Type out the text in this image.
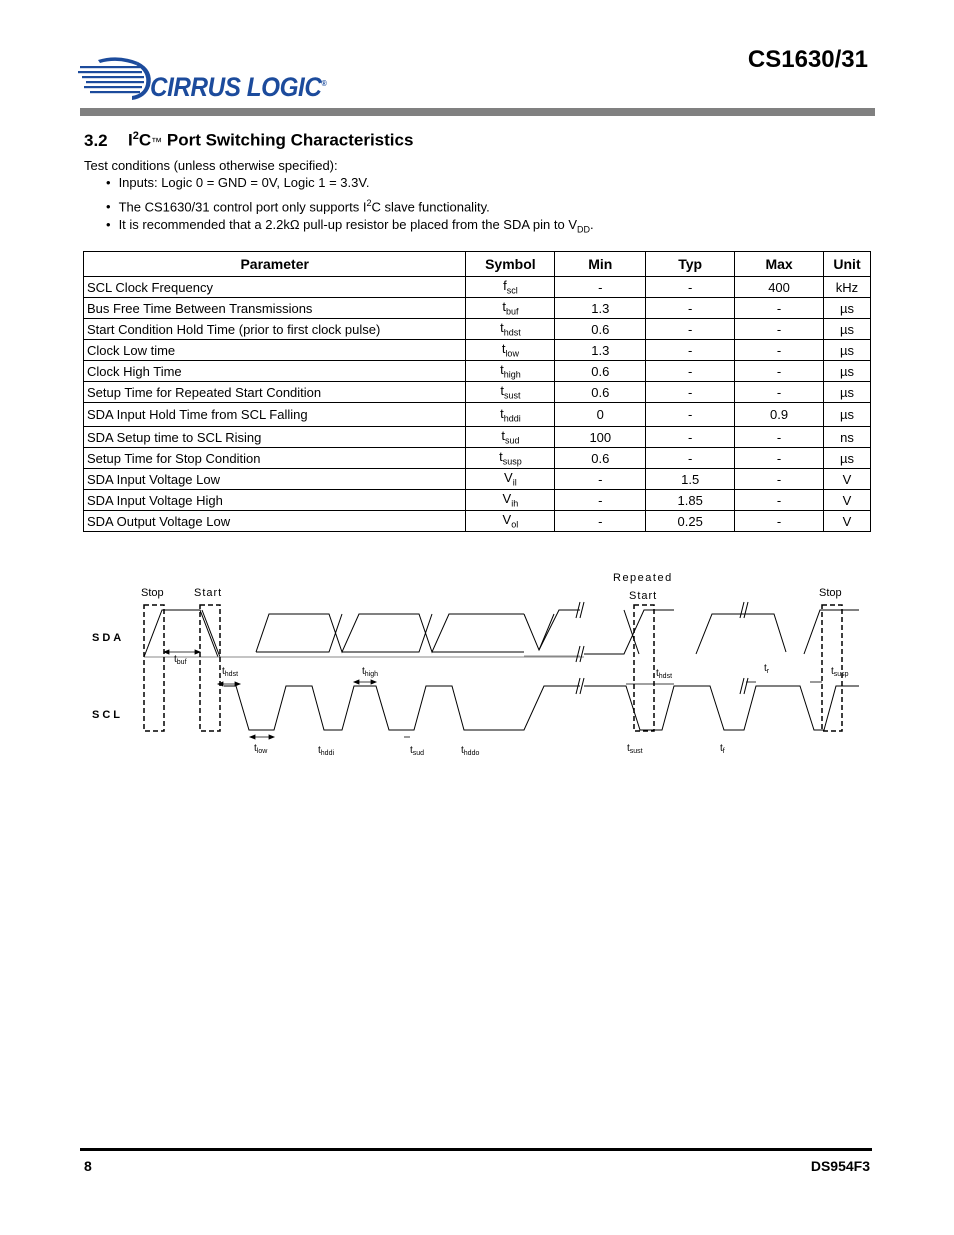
CIRRUS LOGIC®
CS1630/31
3.2 $I^2C™$ Port Switching Characteristics
Test conditions (unless otherwise specified):
• Inputs: Logic 0 = GND = 0V, Logic 1 = 3.3V.
• The CS1630/31 control port only supports $I^2C$ slave functionality.
• It is recommended that a 2.2kΩ pull-up resistor be placed from the SDA pin to $V_{DD}$.
Parameter	Symbol	Min	Typ	Max	Unit
SCL Clock Frequency	$f_{scl}$	-	-	400	kHz
Bus Free Time Between Transmissions	$t_{buf}$	1.3	-	-	µs
Start Condition Hold Time (prior to first clock pulse)	$t_{hdst}$	0.6	-	-	µs
Clock Low time	$t_{low}$	1.3	-	-	µs
Clock High Time	$t_{high}$	0.6	-	-	µs
Setup Time for Repeated Start Condition	$t_{sust}$	0.6	-	-	µs
SDA Input Hold Time from SCL Falling	$t_{hddi}$	0	-	0.9	µs
SDA Setup time to SCL Rising	$t_{sud}$	100	-	-	ns
Setup Time for Stop Condition	$t_{susp}$	0.6	-	-	µs
SDA Input Voltage Low	$V_{il}$	-	1.5	-	V
SDA Input Voltage High	$V_{ih}$	-	1.85	-	V
SDA Output Voltage Low	$V_{ol}$	-	0.25	-	V
SDA
SCL
Stop	Start
Repeated
Start	Stop
$t_{buf}$
$t_{hdst}$	$t_{high}$	$t_{hdst}$
$t_r$	$t_{susp}$
$t_{low}$	$t_{hddi}$	$t_{sud}$	$t_{hddo}$	$t_{sust}$	$t_f$
8	DS954F3
